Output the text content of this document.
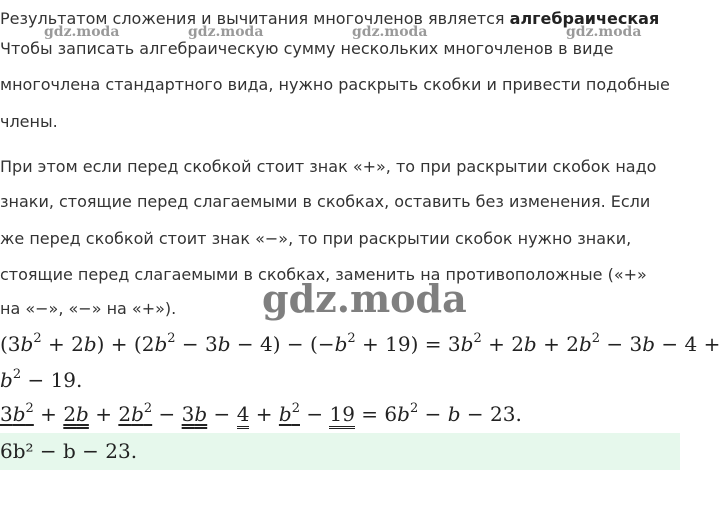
gdz.moda	gdz.moda	gdz.moda	gdz.moda
Результатом сложения и вычитания многочленов является алгебраическая
Чтобы записать алгебраическую сумму нескольких многочленов в виде
многочлена стандартного вида, нужно раскрыть скобки и привести подобные
члены.
При этом если перед скобкой стоит знак «+», то при раскрытии скобок надо
знаки, стоящие перед слагаемыми в скобках, оставить без изменения. Если
же перед скобкой стоит знак «−», то при раскрытии скобок нужно знаки,
стоящие перед слагаемыми в скобках, заменить на противоположные («+»
на «−», «−» на «+»).	gdz.moda
$(3b^2 + 2b) + (2b^2 - 3b - 4) - (-b^2 + 19) = 3b^2 + 2b + 2b^2 - 3b - 4$ +
$b^2 - 19$.
$3b^2 + 2b + 2b^2 - 3b - 4 + b^2 - 19 = 6b^2 - b - 23$.
6b² − b − 23.
